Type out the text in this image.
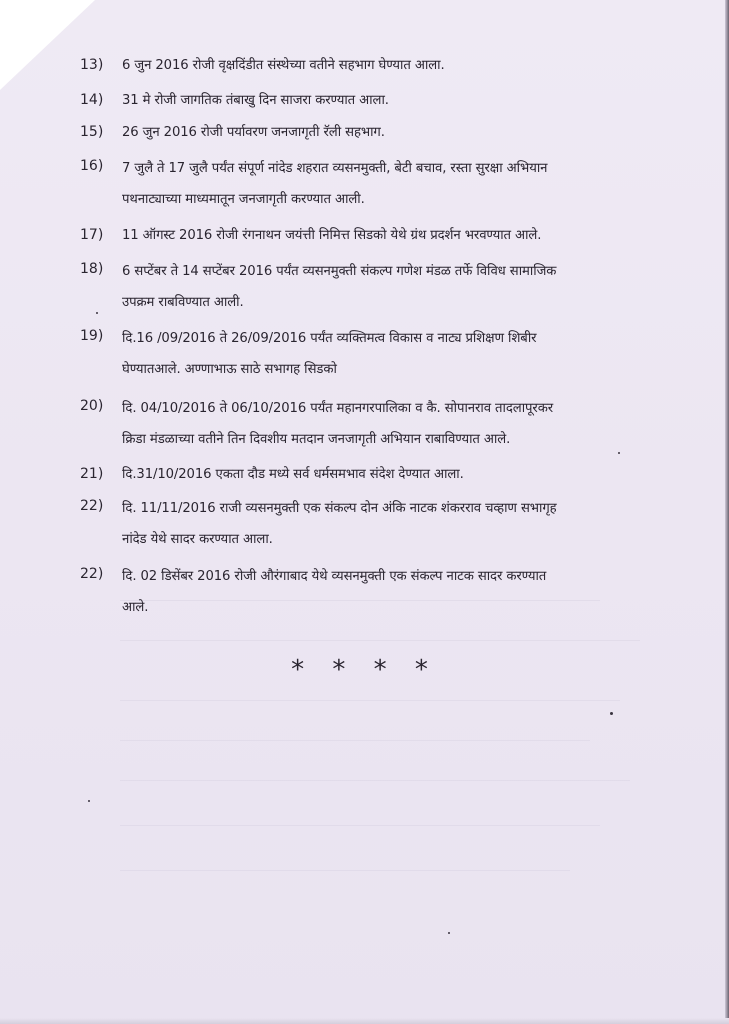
13) 6 जुन 2016 रोजी वृक्षदिंडीत संस्थेच्या वतीने सहभाग घेण्यात आला.
14) 31 मे रोजी जागतिक तंबाखु दिन साजरा करण्यात आला.
15) 26 जुन 2016 रोजी पर्यावरण जनजागृती रॅली सहभाग.
16) 7 जुलै ते 17 जुलै पर्यंत संपूर्ण नांदेड शहरात व्यसनमुक्ती, बेटी बचाव, रस्ता सुरक्षा अभियान
पथनाट्याच्या माध्यमातून जनजागृती करण्यात आली.
17) 11 ऑगस्ट 2016 रोजी रंगनाथन जयंत्ती निमित्त सिडको येथे ग्रंथ प्रदर्शन भरवण्यात आले.
18) 6 सप्टेंबर ते 14 सप्टेंबर 2016 पर्यंत व्यसनमुक्ती संकल्प गणेश मंडळ तर्फे विविध सामाजिक
उपक्रम राबविण्यात आली.
19) दि.16 /09/2016 ते 26/09/2016 पर्यंत व्यक्तिमत्व विकास व नाट्य प्रशिक्षण शिबीर
घेण्यातआले. अण्णाभाऊ साठे सभागह सिडको
20) दि. 04/10/2016 ते 06/10/2016 पर्यंत महानगरपालिका व कै. सोपानराव तादलापूरकर
क्रिडा मंडळाच्या वतीने तिन दिवशीय मतदान जनजागृती अभियान राबाविण्यात आले.
21) दि.31/10/2016 एकता दौड मध्ये सर्व धर्मसमभाव संदेश देण्यात आला.
22) दि. 11/11/2016 राजी व्यसनमुक्ती एक संकल्प दोन अंकि नाटक शंकरराव चव्हाण सभागृह
नांदेड येथे सादर करण्यात आला.
22) दि. 02 डिसेंबर 2016 रोजी औरंगाबाद येथे व्यसनमुक्ती एक संकल्प नाटक सादर करण्यात
आले.
* * * *
